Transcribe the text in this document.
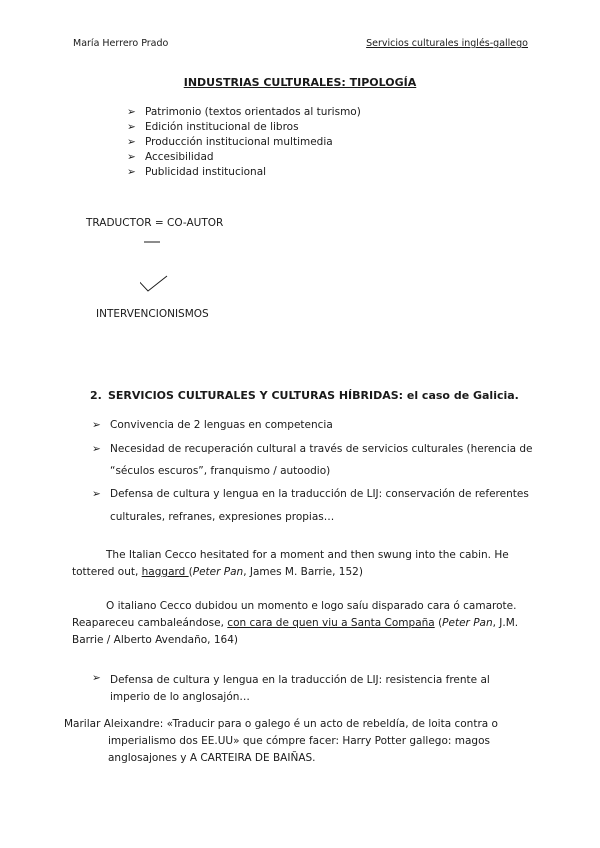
María Herrero Prado	Servicios culturales inglés-gallego
INDUSTRIAS CULTURALES: TIPOLOGÍA
➢ Patrimonio (textos orientados al turismo)
➢ Edición institucional de libros
➢ Producción institucional multimedia
➢ Accesibilidad
➢ Publicidad institucional
TRADUCTOR = CO-AUTOR
INTERVENCIONISMOS
2. SERVICIOS CULTURALES Y CULTURAS HÍBRIDAS: el caso de Galicia.
➢ Convivencia de 2 lenguas en competencia
➢ Necesidad de recuperación cultural a través de servicios culturales (herencia de
“séculos escuros”, franquismo / autoodio)
➢ Defensa de cultura y lengua en la traducción de LIJ: conservación de referentes
culturales, refranes, expresiones propias…
The Italian Cecco hesitated for a moment and then swung into the cabin. He tottered out, haggard (Peter Pan, James M. Barrie, 152)
O italiano Cecco dubidou un momento e logo saíu disparado cara ó camarote. Reapareceu cambaleándose, con cara de quen viu a Santa Compaña (Peter Pan, J.M. Barrie / Alberto Avendaño, 164)
➢ Defensa de cultura y lengua en la traducción de LIJ: resistencia frente al imperio de lo anglosajón…
Marilar Aleixandre: «Traducir para o galego é un acto de rebeldía, de loita contra o imperialismo dos EE.UU» que cómpre facer: Harry Potter gallego: magos anglosajones y A CARTEIRA DE BAIÑAS.
